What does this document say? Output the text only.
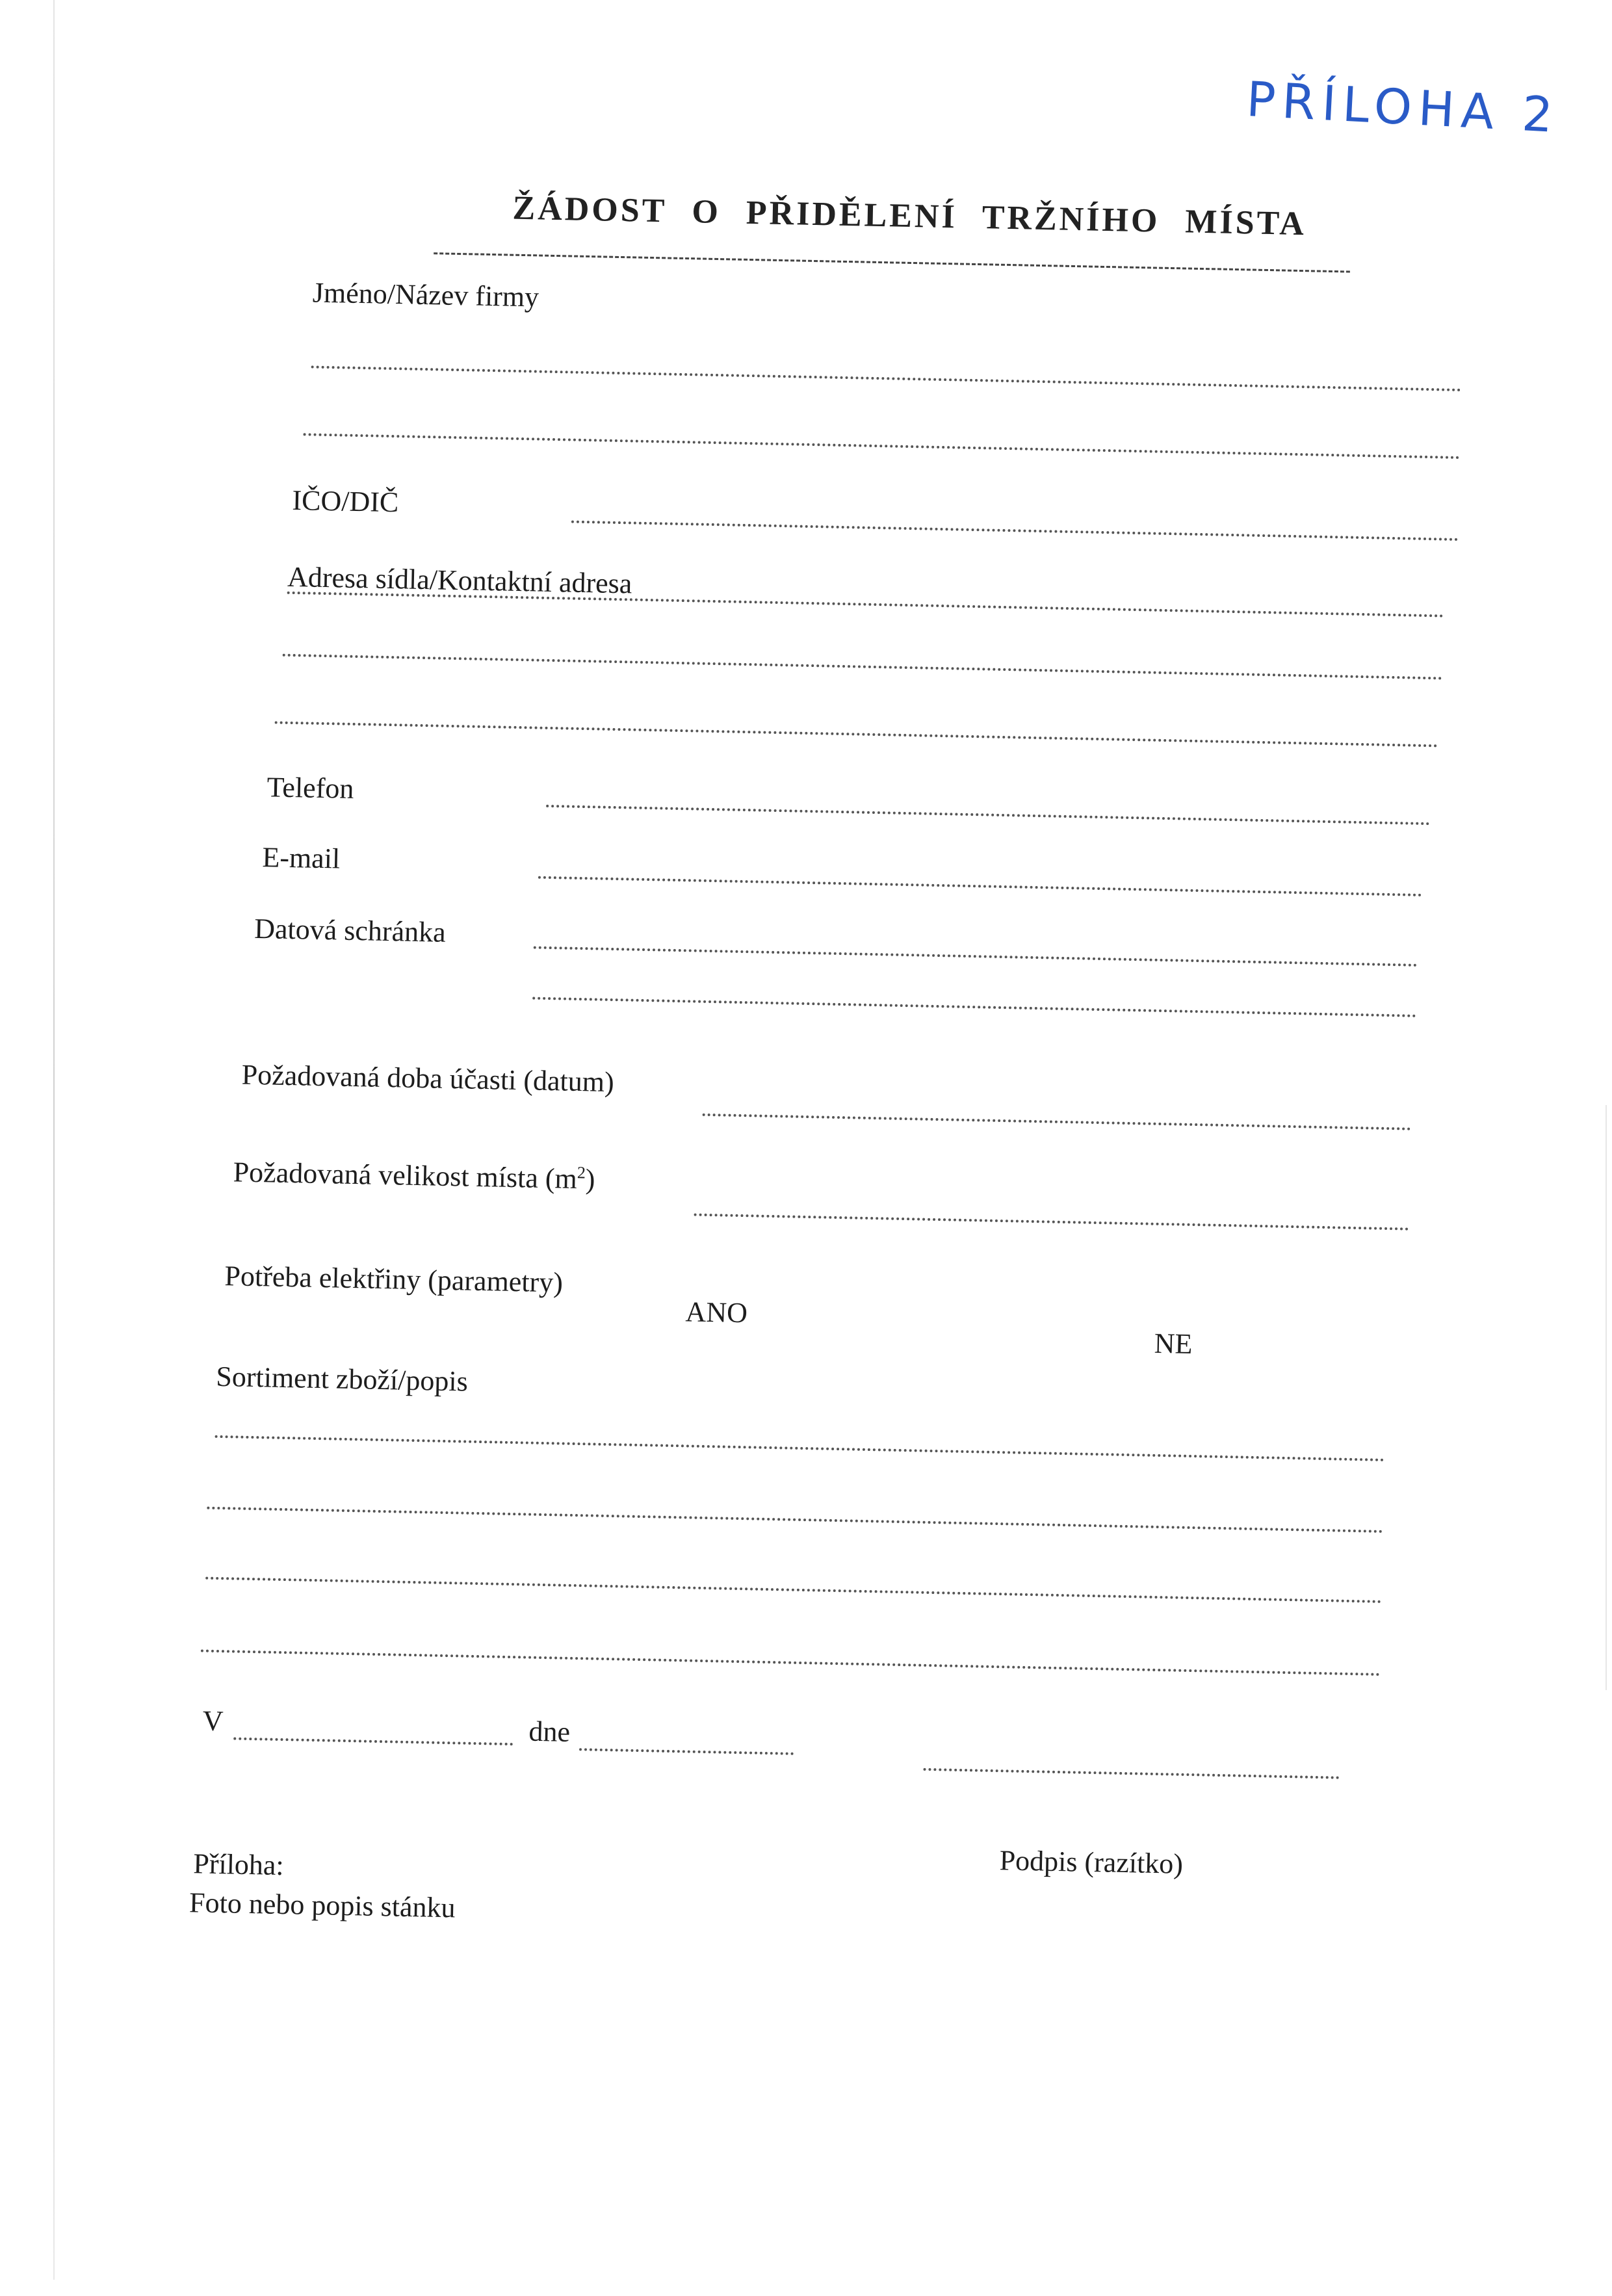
PŘÍLOHA 2
ŽÁDOST O PŘIDĚLENÍ TRŽNÍHO MÍSTA
Jméno/Název firmy
IČO/DIČ
Adresa sídla/Kontaktní adresa
Telefon
E-mail
Datová schránka
Požadovaná doba účasti (datum)
Požadovaná velikost místa $(m^2)$
Potřeba elektřiny (parametry)
ANO
NE
Sortiment zboží/popis
V	dne
Podpis (razítko)
Příloha:
Foto nebo popis stánku
